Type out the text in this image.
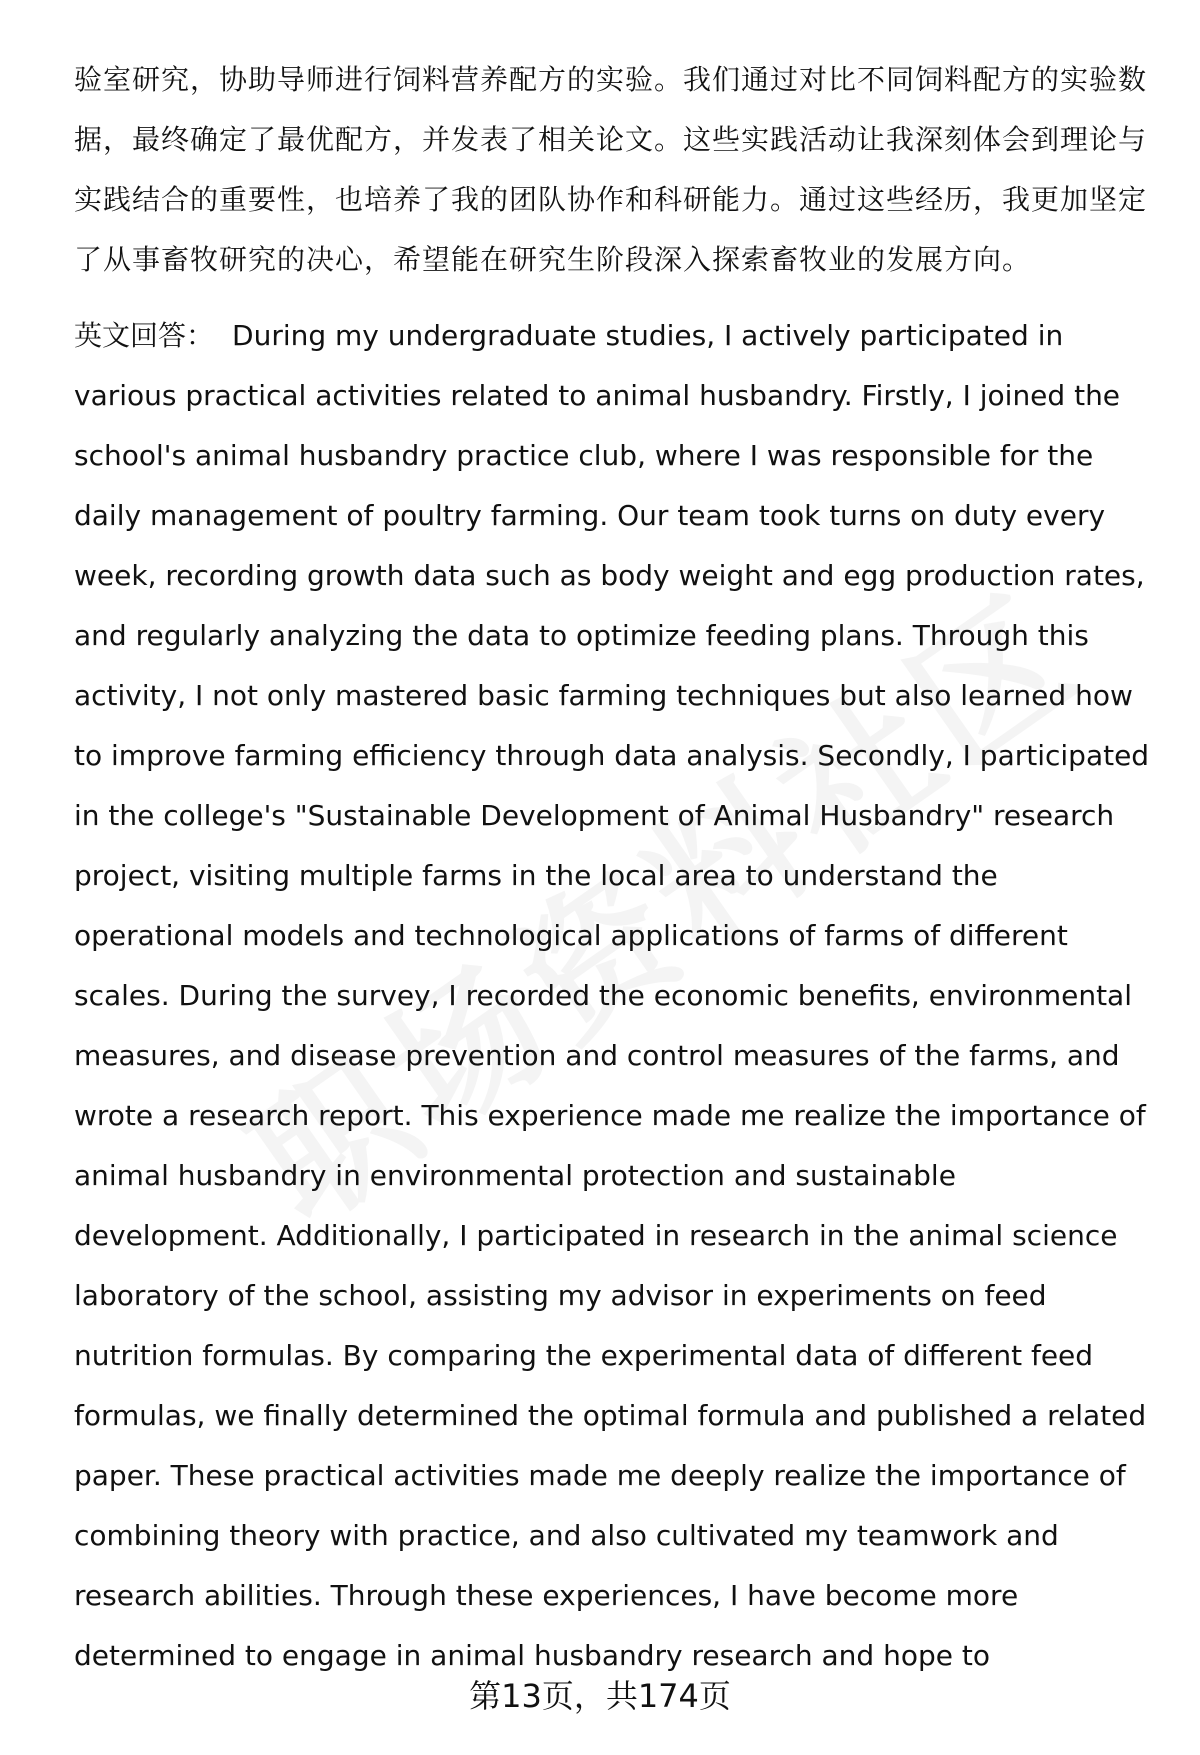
验室研究，协助导师进行饲料营养配方的实验。我们通过对比不同饲料配方的实验数据，最终确定了最优配方，并发表了相关论文。这些实践活动让我深刻体会到理论与实践结合的重要性，也培养了我的团队协作和科研能力。通过这些经历，我更加坚定了从事畜牧研究的决心，希望能在研究生阶段深入探索畜牧业的发展方向。

英文回答： During my undergraduate studies, I actively participated in various practical activities related to animal husbandry. Firstly, I joined the school's animal husbandry practice club, where I was responsible for the daily management of poultry farming. Our team took turns on duty every week, recording growth data such as body weight and egg production rates, and regularly analyzing the data to optimize feeding plans. Through this activity, I not only mastered basic farming techniques but also learned how to improve farming efficiency through data analysis. Secondly, I participated in the college's "Sustainable Development of Animal Husbandry" research project, visiting multiple farms in the local area to understand the operational models and technological applications of farms of different scales. During the survey, I recorded the economic benefits, environmental measures, and disease prevention and control measures of the farms, and wrote a research report. This experience made me realize the importance of animal husbandry in environmental protection and sustainable development. Additionally, I participated in research in the animal science laboratory of the school, assisting my advisor in experiments on feed nutrition formulas. By comparing the experimental data of different feed formulas, we finally determined the optimal formula and published a related paper. These practical activities made me deeply realize the importance of combining theory with practice, and also cultivated my teamwork and research abilities. Through these experiences, I have become more determined to engage in animal husbandry research and hope to

第13页，共174页
